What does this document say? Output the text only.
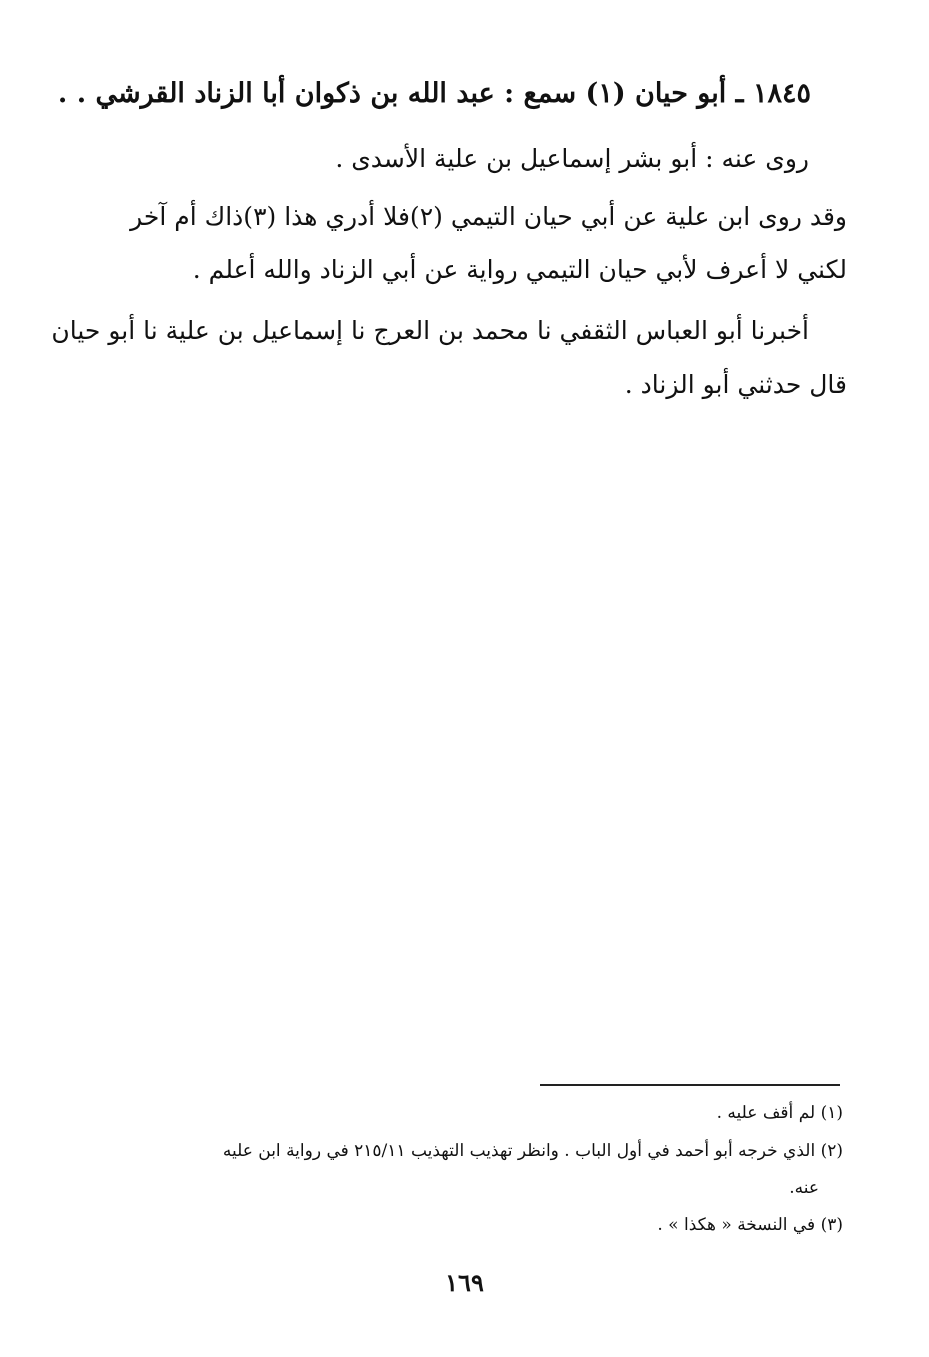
١٨٤٥ ـ أبو حيان (١) سمع : عبد الله بن ذكوان أبا الزناد القرشي . .
روى عنه : أبو بشر إسماعيل بن علية الأسدى .
وقد روى ابن علية عن أبي حيان التيمي (٢)فلا أدري هذا (٣)ذاك أم آخر
لكني لا أعرف لأبي حيان التيمي رواية عن أبي الزناد والله أعلم .
أخبرنا أبو العباس الثقفي نا محمد بن العرج نا إسماعيل بن علية نا أبو حيان
قال حدثني أبو الزناد .
(١) لم أقف عليه .
(٢) الذي خرجه أبو أحمد في أول الباب . وانظر تهذيب التهذيب ٢١٥/١١ في رواية ابن عليه
عنه.
(٣) في النسخة « هكذا » .
١٦٩
